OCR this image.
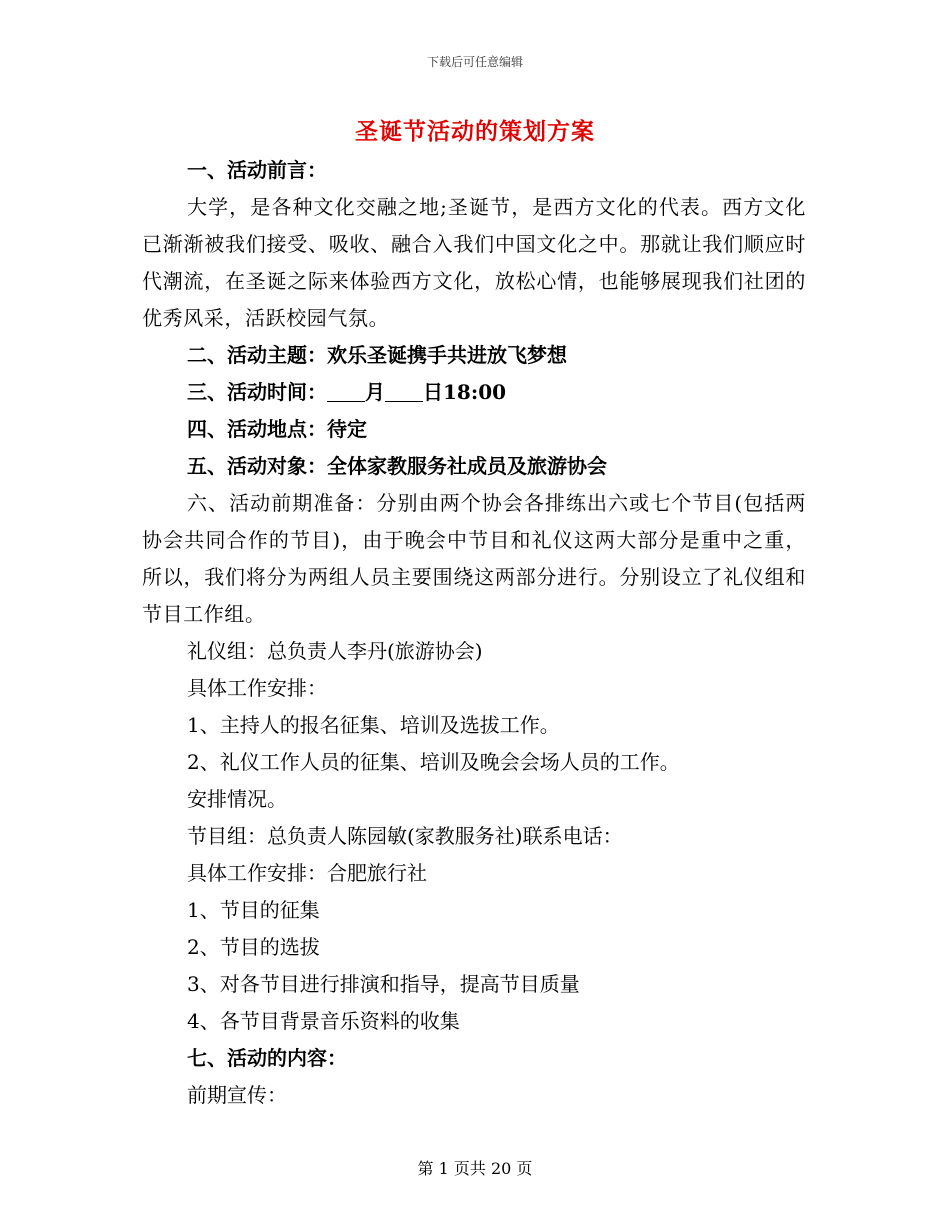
下载后可任意编辑
圣诞节活动的策划方案
一、活动前言：
大学，是各种文化交融之地;圣诞节，是西方文化的代表。西方文化已渐渐被我们接受、吸收、融合入我们中国文化之中。那就让我们顺应时代潮流，在圣诞之际来体验西方文化，放松心情，也能够展现我们社团的优秀风采，活跃校园气氛。
二、活动主题：欢乐圣诞携手共进放飞梦想
三、活动时间： 月 日18:00
四、活动地点：待定
五、活动对象：全体家教服务社成员及旅游协会
六、活动前期准备：分别由两个协会各排练出六或七个节目(包括两协会共同合作的节目)，由于晚会中节目和礼仪这两大部分是重中之重，所以，我们将分为两组人员主要围绕这两部分进行。分别设立了礼仪组和节目工作组。
礼仪组：总负责人李丹(旅游协会)
具体工作安排：
1、主持人的报名征集、培训及选拔工作。
2、礼仪工作人员的征集、培训及晚会会场人员的工作。
安排情况。
节目组：总负责人陈园敏(家教服务社)联系电话：
具体工作安排：合肥旅行社
1、节目的征集
2、节目的选拔
3、对各节目进行排演和指导，提高节目质量
4、各节目背景音乐资料的收集
七、活动的内容：
前期宣传：
第 1 页共 20 页
